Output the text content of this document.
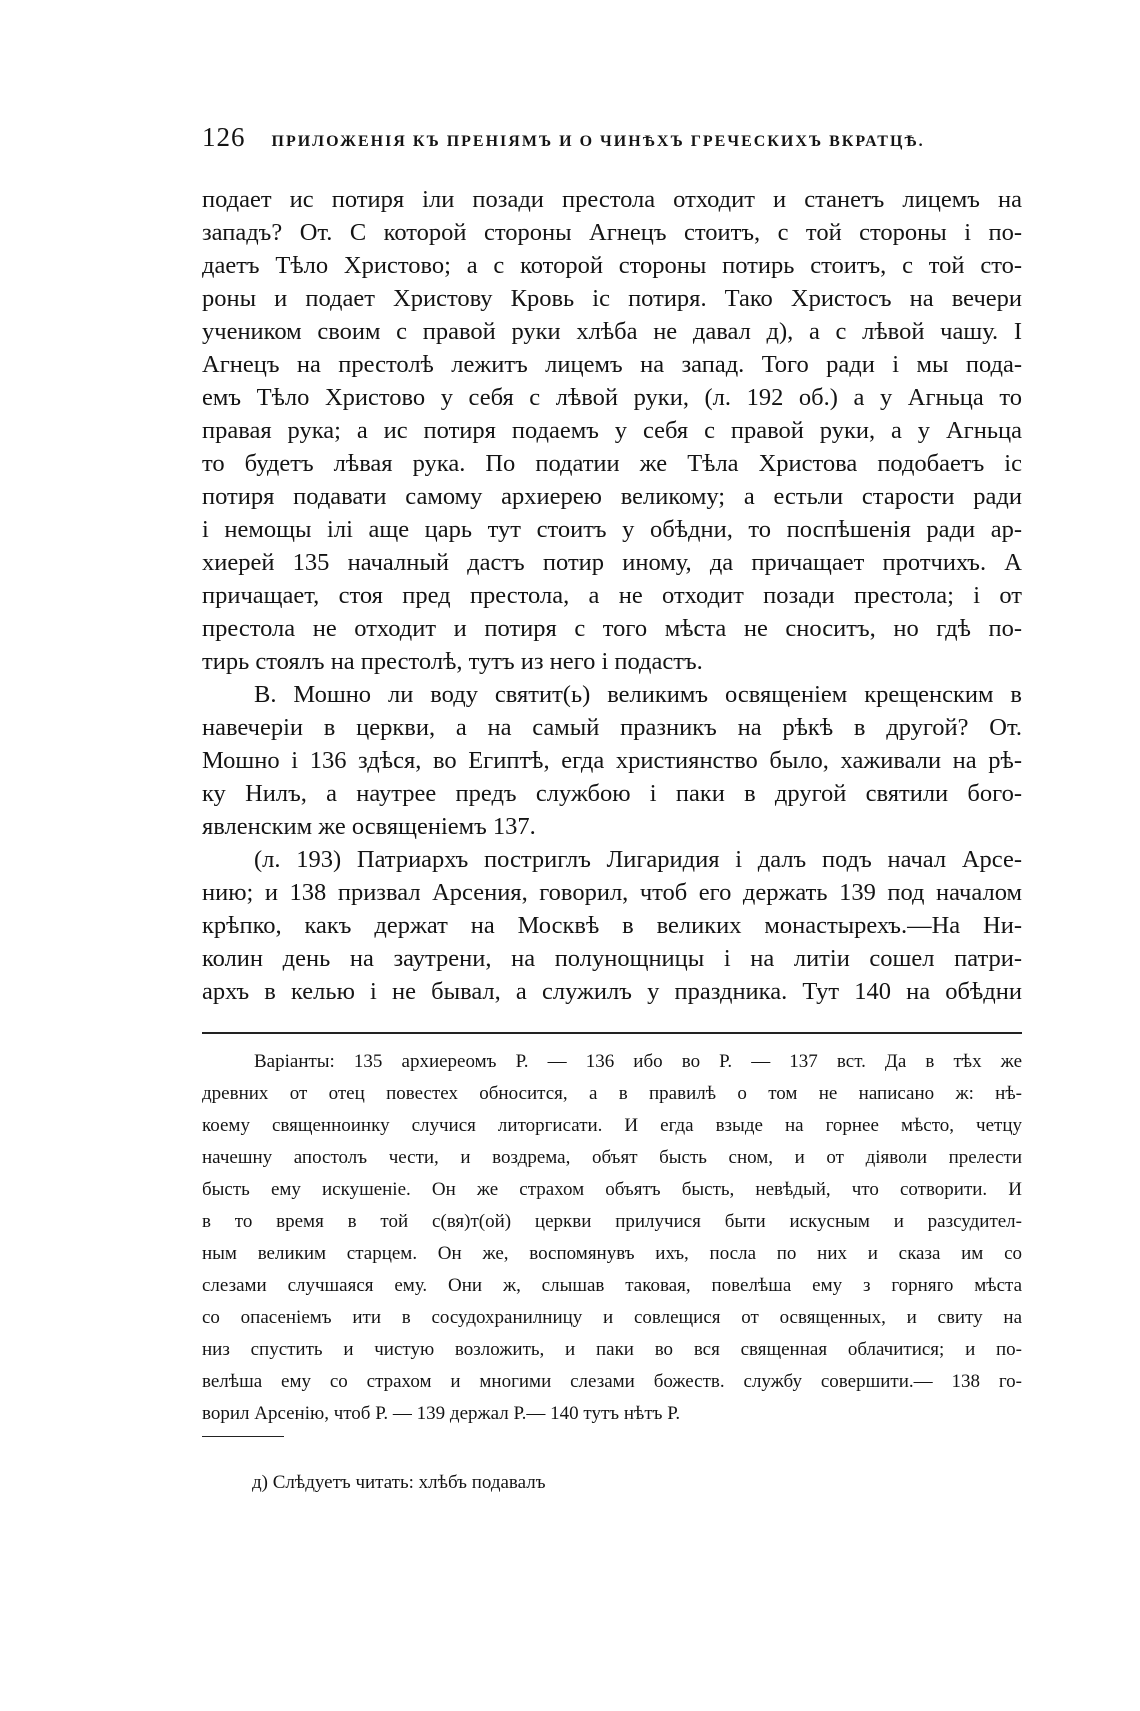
126 ПРИЛОЖЕНІЯ КЪ ПРЕНІЯМЪ И О ЧИНѢХЪ ГРЕЧЕСКИХЪ ВКРАТЦѢ.
подает ис потиря іли позади престола отходит и станетъ лицемъ на
западъ? От. С которой стороны Агнецъ стоитъ, с той стороны і по-
даетъ Тѣло Христово; а с которой стороны потирь стоитъ, с той сто-
роны и подает Христову Кровь іс потиря. Тако Христосъ на вечери
учеником своим с правой руки хлѣба не давал д), а с лѣвой чашу. І
Агнецъ на престолѣ лежитъ лицемъ на запад. Того ради і мы пода-
емъ Тѣло Христово у себя с лѣвой руки, (л. 192 об.) а у Агньца то
правая рука; а ис потиря подаемъ у себя с правой руки, а у Агньца
то будетъ лѣвая рука. По податии же Тѣла Христова подобаетъ іс
потиря подавати самому архиерею великому; а естьли старости ради
і немощы ілі аще царь тут стоитъ у обѣдни, то поспѣшенія ради ар-
хиерей 135 началный дастъ потир иному, да причащает протчихъ. А
причащает, стоя пред престола, а не отходит позади престола; і от
престола не отходит и потиря с того мѣста не сноситъ, но гдѣ по-
тирь стоялъ на престолѣ, тутъ из него і подастъ.
В. Мошно ли воду святит(ь) великимъ освященіем крещенским в
навечеріи в церкви, а на самый празникъ на рѣкѣ в другой? От.
Мошно і 136 здѣся, во Египтѣ, егда християнство было, хаживали на рѣ-
ку Нилъ, а наутрее предъ службою і паки в другой святили бого-
явленским же освященіемъ 137.
(л. 193) Патриархъ постриглъ Лигаридия і далъ подъ начал Арсе-
нию; и 138 призвал Арсения, говорил, чтоб его держать 139 под началом
крѣпко, какъ держат на Москвѣ в великих монастырехъ.—На Ни-
колин день на заутрени, на полунощницы і на литіи сошел патри-
архъ в келью і не бывал, а служилъ у праздника. Тут 140 на обѣдни
Варіанты: 135 архиереомъ Р. — 136 ибо во Р. — 137 вст. Да в тѣх же
древних от отец повестех обносится, а в правилѣ о том не написано ж: нѣ-
коему священноинку случися литоргисати. И егда взыде на горнее мѣсто, четцу
начешну апостолъ чести, и воздрема, объят бысть сном, и от діяволи прелести
бысть ему искушеніе. Он же страхом объятъ бысть, невѣдый, что сотворити. И
в то время в той с(вя)т(ой) церкви прилучися быти искусным и разсудител-
ным великим старцем. Он же, воспомянувъ ихъ, посла по них и сказа им со
слезами случшаяся ему. Они ж, слышав таковая, повелѣша ему з горняго мѣста
со опасеніемъ ити в сосудохранилницу и совлещися от освященных, и свиту на
низ спустить и чистую возложить, и паки во вся священная облачитися; и по-
велѣша ему со страхом и многими слезами божеств. службу совершити.— 138 го-
ворил Арсенію, чтоб Р. — 139 держал Р.— 140 тутъ нѣтъ Р.
д) Слѣдуетъ читать: хлѣбъ подавалъ
